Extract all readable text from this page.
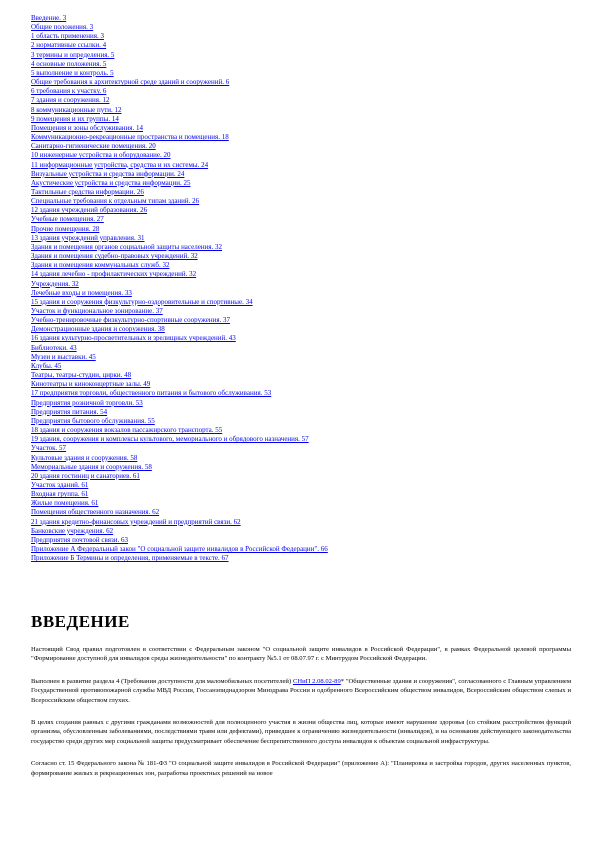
Введение. 3
Общие положения. 3
1 область применения. 3
2 нормативные ссылки. 4
3 термины и определения. 5
4 основные положения. 5
5 выполнение и контроль. 5
Общие требования к архитектурной среде зданий и сооружений. 6
6 требования к участку. 6
7 здания и сооружения. 12
8 коммуникационные пути. 12
9 помещения и их группы. 14
Помещения и зоны обслуживания. 14
Коммуникационно-рекреационные пространства и помещения. 18
Санитарно-гигиенические помещения. 20
10 инженерные устройства и оборудование. 20
11 информационные устройства, средства и их системы. 24
Визуальные устройства и средства информации. 24
Акустические устройства и средства информации. 25
Тактильные средства информации. 26
Специальные требования к отдельным типам зданий. 26
12 здания учреждений образования. 26
Учебные помещения. 27
Прочие помещения. 28
13 здания учреждений управления. 31
Здания и помещения органов социальной защиты населения. 32
Здания и помещения судебно-правовых учреждений. 32
Здания и помещения коммунальных служб. 32
14 здания лечебно - профилактических учреждений. 32
Учреждения. 32
Лечебные входы и помещения. 33
15 здания и сооружения физкультурно-оздоровительные и спортивные. 34
Участок и функциональное зонирование. 37
Учебно-тренировочные физкультурно-спортивные сооружения. 37
Демонстрационные здания и сооружения. 38
16 здания культурно-просветительных и зрелищных учреждений. 43
Библиотеки. 43
Музеи и выставки. 45
Клубы. 45
Театры, театры-студии, цирки. 48
Кинотеатры и киноконцертные залы. 49
17 предприятия торговли, общественного питания и бытового обслуживания. 53
Предприятия розничной торговли. 53
Предприятия питания. 54
Предприятия бытового обслуживания. 55
18 здания и сооружения вокзалов пассажирского транспорта. 55
19 здания, сооружения и комплексы культового, мемориального и обрядового назначения. 57
Участок. 57
Культовые здания и сооружения. 58
Мемориальные здания и сооружения. 58
20 здания гостиниц и санаториев. 61
Участок зданий. 61
Входная группа. 61
Жилые помещения. 61
Помещения общественного назначения. 62
21 здания кредитно-финансовых учреждений и предприятий связи. 62
Банковские учреждения. 62
Предприятия почтовой связи. 63
Приложение А Федеральный закон "О социальной защите инвалидов в Российской Федерации". 66
Приложение Б Термины и определения, применяемые в тексте. 67
ВВЕДЕНИЕ

Настоящий Свод правил подготовлен в соответствии с Федеральным законом "О социальной защите инвалидов в Российской Федерации", в рамках Федеральной целевой программы "Формирование доступной для инвалидов среды жизнедеятельности" по контракту №5.1 от 08.07.97 г. с Минтрудом Российской Федерации.

Выполнен в развитие раздела 4 (Требования доступности для маломобильных посетителей) СНиП 2.08.02-89* "Общественные здания и сооружения", согласованного с Главным управлением Государственной противопожарной службы МВД России, Госсанэпиднадзором Минздрава России и одобренного Всероссийским обществом инвалидов, Всероссийским обществом слепых и Всероссийским обществом глухих.

В целях создания равных с другими гражданами возможностей для полноценного участия в жизни общества лиц, которые имеют нарушение здоровья (со стойким расстройством функций организма, обусловленным заболеваниями, последствиями травм или дефектами), приведшее к ограничению жизнедеятельности (инвалидов), и на основании действующего законодательства государство среди других мер социальной защиты предусматривает обеспечение беспрепятственного доступа инвалидов к объектам социальной инфраструктуры.

Согласно ст. 15 Федерального закона № 181-ФЗ "О социальной защите инвалидов в Российской Федерации" (приложение А): "Планировка и застройка городов, других населенных пунктов, формирование жилых и рекреационных зон, разработка проектных решений на новое
